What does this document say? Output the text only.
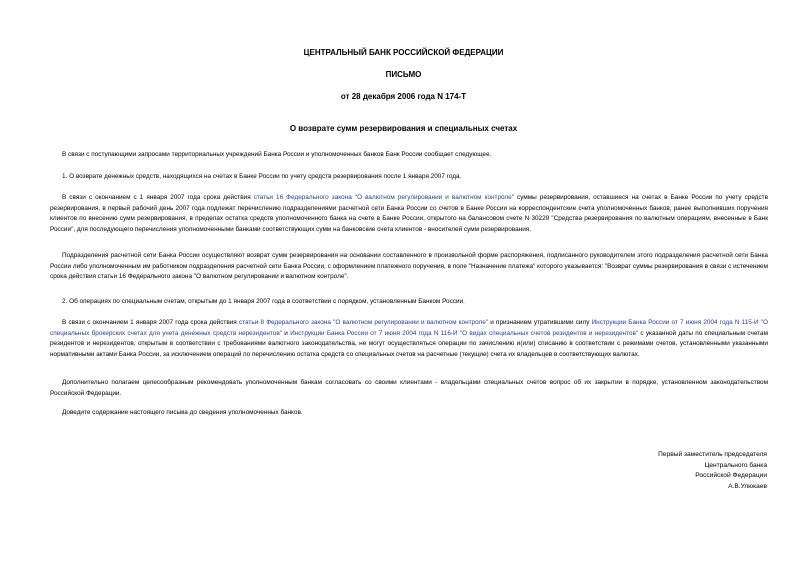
ЦЕНТРАЛЬНЫЙ БАНК РОССИЙСКОЙ ФЕДЕРАЦИИ
ПИСЬМО
от 28 декабря 2006 года N 174-Т
О возврате сумм резервирования и специальных счетах

В связи с поступающими запросами территориальных учреждений Банка России и уполномоченных банков Банк России сообщает следующее.

1. О возврате денежных средств, находящихся на счетах в Банке России по учету средств резервирования после 1 января 2007 года.

В связи с окончанием с 1 января 2007 года срока действия статьи 16 Федерального закона "О валютном регулировании и валютном контроле" суммы резервирования, оставшиеся на счетах в Банке России по учету средств резервирования, в первый рабочий день 2007 года подлежат перечислению подразделениями расчетной сети Банка России со счетов в Банке России на корреспондентские счета уполномоченных банков, ранее выполнивших поручения клиентов по внесению сумм резервирования, в пределах остатка средств уполномоченного банка на счете в Банке России, открытого на балансовом счете N 30229 "Средства резервирования по валютным операциям, внесенные в Банк России", для последующего перечисления уполномоченными банками соответствующих сумм на банковские счета клиентов - вносителей сумм резервирования.

Подразделения расчетной сети Банка России осуществляют возврат сумм резервирования на основании составленного в произвольной форме распоряжения, подписанного руководителем этого подразделения расчетной сети Банка России либо уполномоченным им работником подразделения расчетной сети Банка России, с оформлением платежного поручения, в поле "Назначение платежа" которого указывается: "Возврат суммы резервирования в связи с истечением срока действия статьи 16 Федерального закона "О валютном регулировании и валютном контроле".

2. Об операциях по специальным счетам, открытым до 1 января 2007 года в соответствии с порядком, установленным Банком России.

В связи с окончанием 1 января 2007 года срока действия статьи 8 Федерального закона "О валютном регулировании и валютном контроле" и признанием утратившими силу Инструкции Банка России от 7 июня 2004 года N 115-И "О специальных брокерских счетах для учета денежных средств нерезидентов" и Инструкции Банка России от 7 июня 2004 года N 116-И "О видах специальных счетов резидентов и нерезидентов" с указанной даты по специальным счетам резидентов и нерезидентов, открытым в соответствии с требованиями валютного законодательства, не могут осуществляться операции по зачислению и(или) списанию в соответствии с режимами счетов, установленными указанными нормативными актами Банка России, за исключением операций по перечислению остатка средств со специальных счетов на расчетные (текущие) счета их владельцев в соответствующих валютах.

Дополнительно полагаем целесообразным рекомендовать уполномоченным банкам согласовать со своими клиентами - владельцами специальных счетов вопрос об их закрытии в порядке, установленном законодательством Российской Федерации.

Доведите содержание настоящего письма до сведения уполномоченных банков.

Первый заместитель председателя
Центрального банка
Российской Федерации
А.В.Улюкаев
